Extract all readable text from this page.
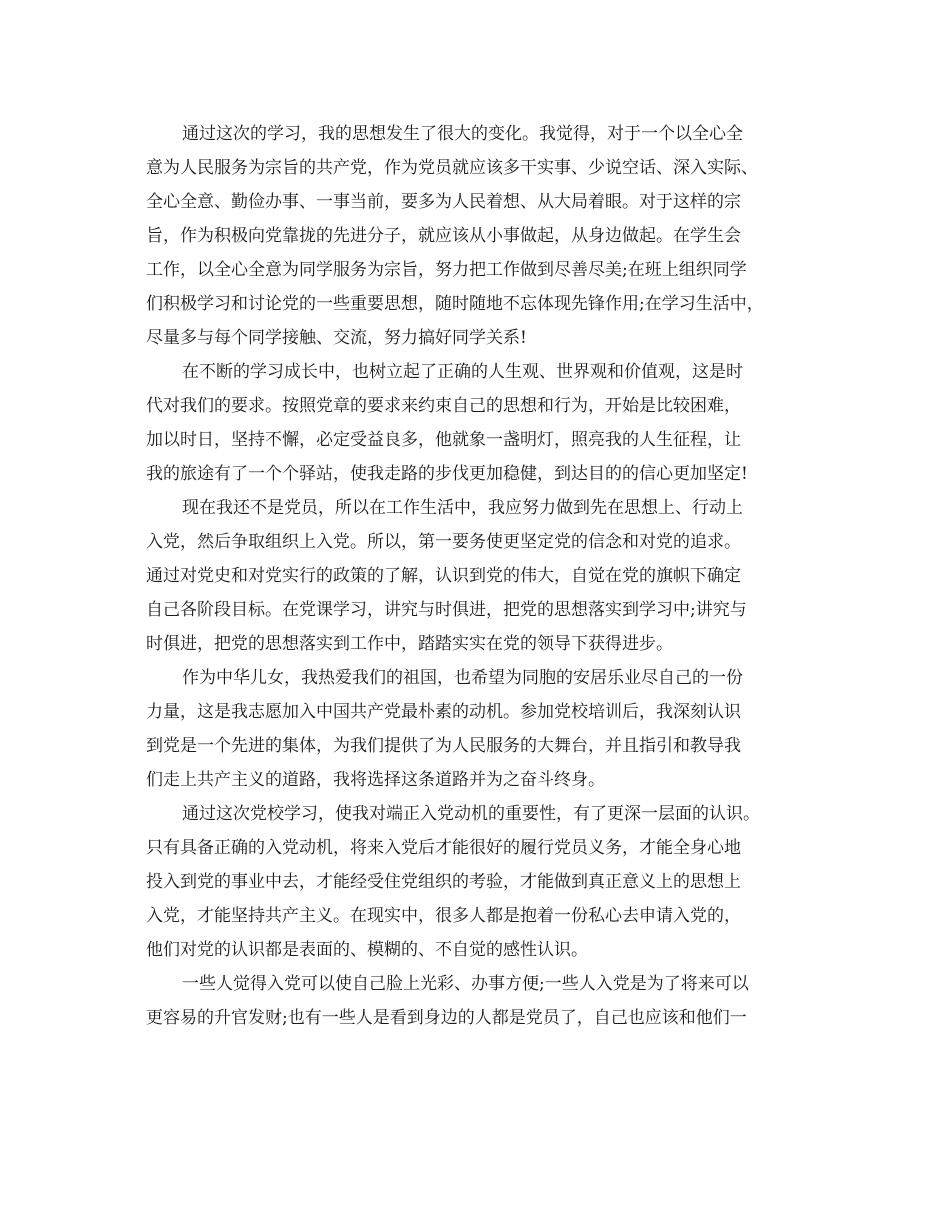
通过这次的学习，我的思想发生了很大的变化。我觉得，对于一个以全心全
意为人民服务为宗旨的共产党，作为党员就应该多干实事、少说空话、深入实际、
全心全意、勤俭办事、一事当前，要多为人民着想、从大局着眼。对于这样的宗
旨，作为积极向党靠拢的先进分子，就应该从小事做起，从身边做起。在学生会
工作，以全心全意为同学服务为宗旨，努力把工作做到尽善尽美;在班上组织同学
们积极学习和讨论党的一些重要思想，随时随地不忘体现先锋作用;在学习生活中，
尽量多与每个同学接触、交流，努力搞好同学关系!
在不断的学习成长中，也树立起了正确的人生观、世界观和价值观，这是时
代对我们的要求。按照党章的要求来约束自己的思想和行为，开始是比较困难，
加以时日，坚持不懈，必定受益良多，他就象一盏明灯，照亮我的人生征程，让
我的旅途有了一个个驿站，使我走路的步伐更加稳健，到达目的的信心更加坚定!
现在我还不是党员，所以在工作生活中，我应努力做到先在思想上、行动上
入党，然后争取组织上入党。所以，第一要务使更坚定党的信念和对党的追求。
通过对党史和对党实行的政策的了解，认识到党的伟大，自觉在党的旗帜下确定
自己各阶段目标。在党课学习，讲究与时俱进，把党的思想落实到学习中;讲究与
时俱进，把党的思想落实到工作中，踏踏实实在党的领导下获得进步。
作为中华儿女，我热爱我们的祖国，也希望为同胞的安居乐业尽自己的一份
力量，这是我志愿加入中国共产党最朴素的动机。参加党校培训后，我深刻认识
到党是一个先进的集体，为我们提供了为人民服务的大舞台，并且指引和教导我
们走上共产主义的道路，我将选择这条道路并为之奋斗终身。
通过这次党校学习，使我对端正入党动机的重要性，有了更深一层面的认识。
只有具备正确的入党动机，将来入党后才能很好的履行党员义务，才能全身心地
投入到党的事业中去，才能经受住党组织的考验，才能做到真正意义上的思想上
入党，才能坚持共产主义。在现实中，很多人都是抱着一份私心去申请入党的，
他们对党的认识都是表面的、模糊的、不自觉的感性认识。
一些人觉得入党可以使自己脸上光彩、办事方便;一些人入党是为了将来可以
更容易的升官发财;也有一些人是看到身边的人都是党员了，自己也应该和他们一
